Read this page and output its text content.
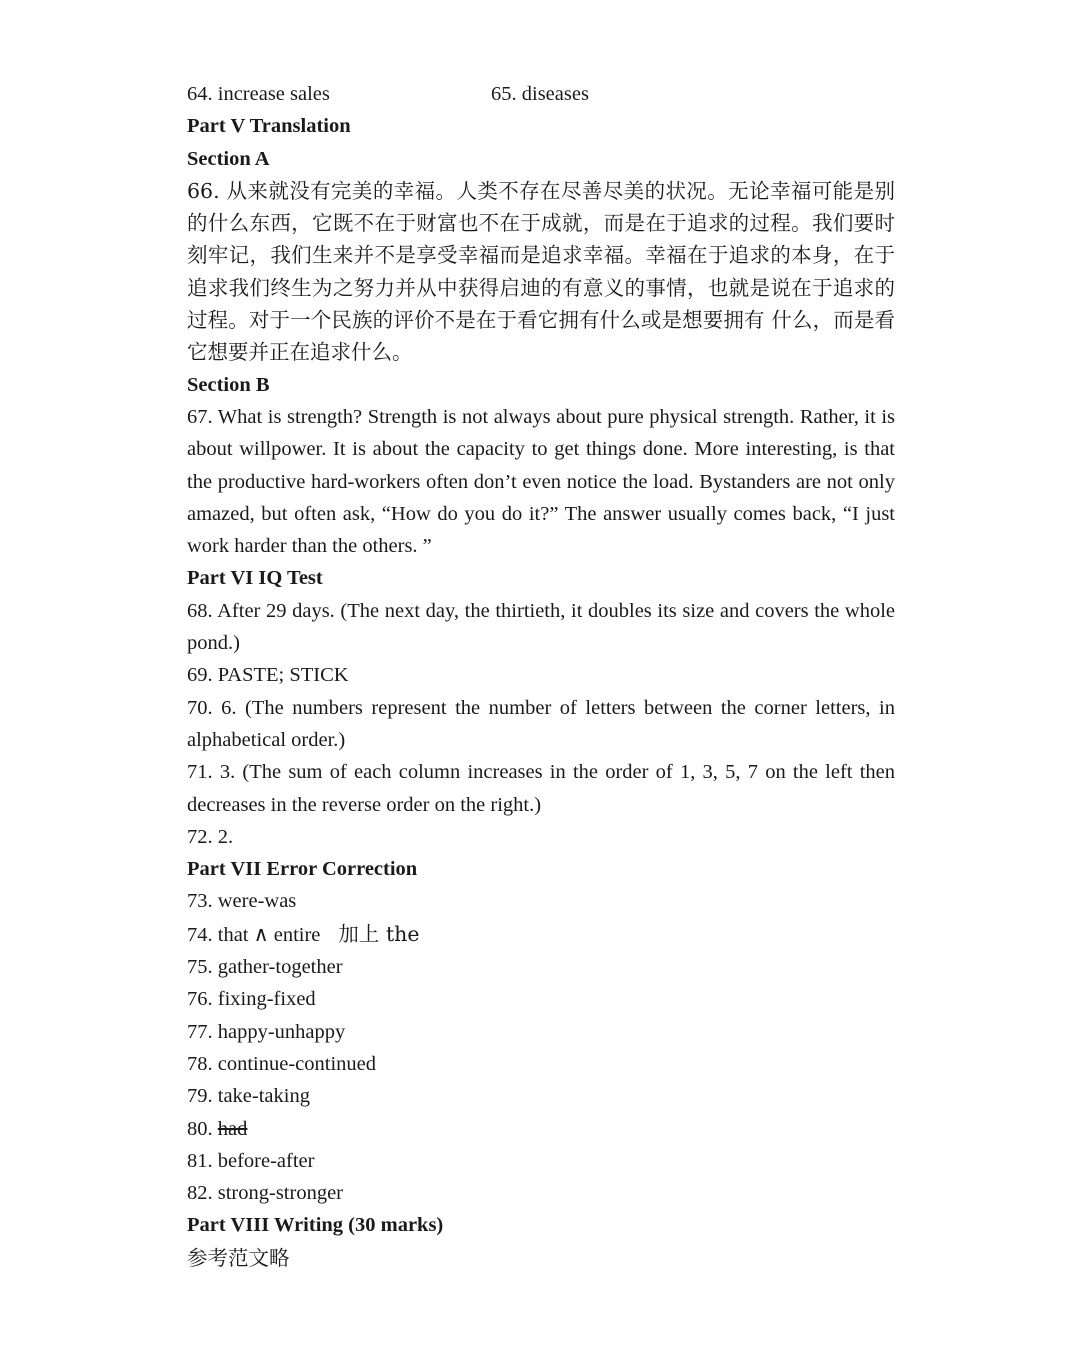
64. increase sales	65. diseases

Part V Translation

Section A

66. 从来就没有完美的幸福。人类不存在尽善尽美的状况。无论幸福可能是别的什么东西，它既不在于财富也不在于成就，而是在于追求的过程。我们要时刻牢记，我们生来并不是享受幸福而是追求幸福。幸福在于追求的本身，在于追求我们终生为之努力并从中获得启迪的有意义的事情，也就是说在于追求的过程。对于一个民族的评价不是在于看它拥有什么或是想要拥有 什么，而是看它想要并正在追求什么。

Section B

67. What is strength? Strength is not always about pure physical strength. Rather, it is about willpower. It is about the capacity to get things done. More interesting, is that the productive hard-workers often don’t even notice the load. Bystanders are not only amazed, but often ask, “How do you do it?” The answer usually comes back, “I just work harder than the others. ”

Part VI IQ Test

68. After 29 days. (The next day, the thirtieth, it doubles its size and covers the whole pond.)

69. PASTE; STICK

70. 6. (The numbers represent the number of letters between the corner letters, in alphabetical order.)

71. 3. (The sum of each column increases in the order of 1, 3, 5, 7 on the left then decreases in the reverse order on the right.)

72. 2.

Part VII Error Correction

73. were-was

74. that ∧ entire 加上 the

75. gather-together

76. fixing-fixed

77. happy-unhappy

78. continue-continued

79. take-taking

80. had

81. before-after

82. strong-stronger

Part VIII Writing (30 marks)

参考范文略
